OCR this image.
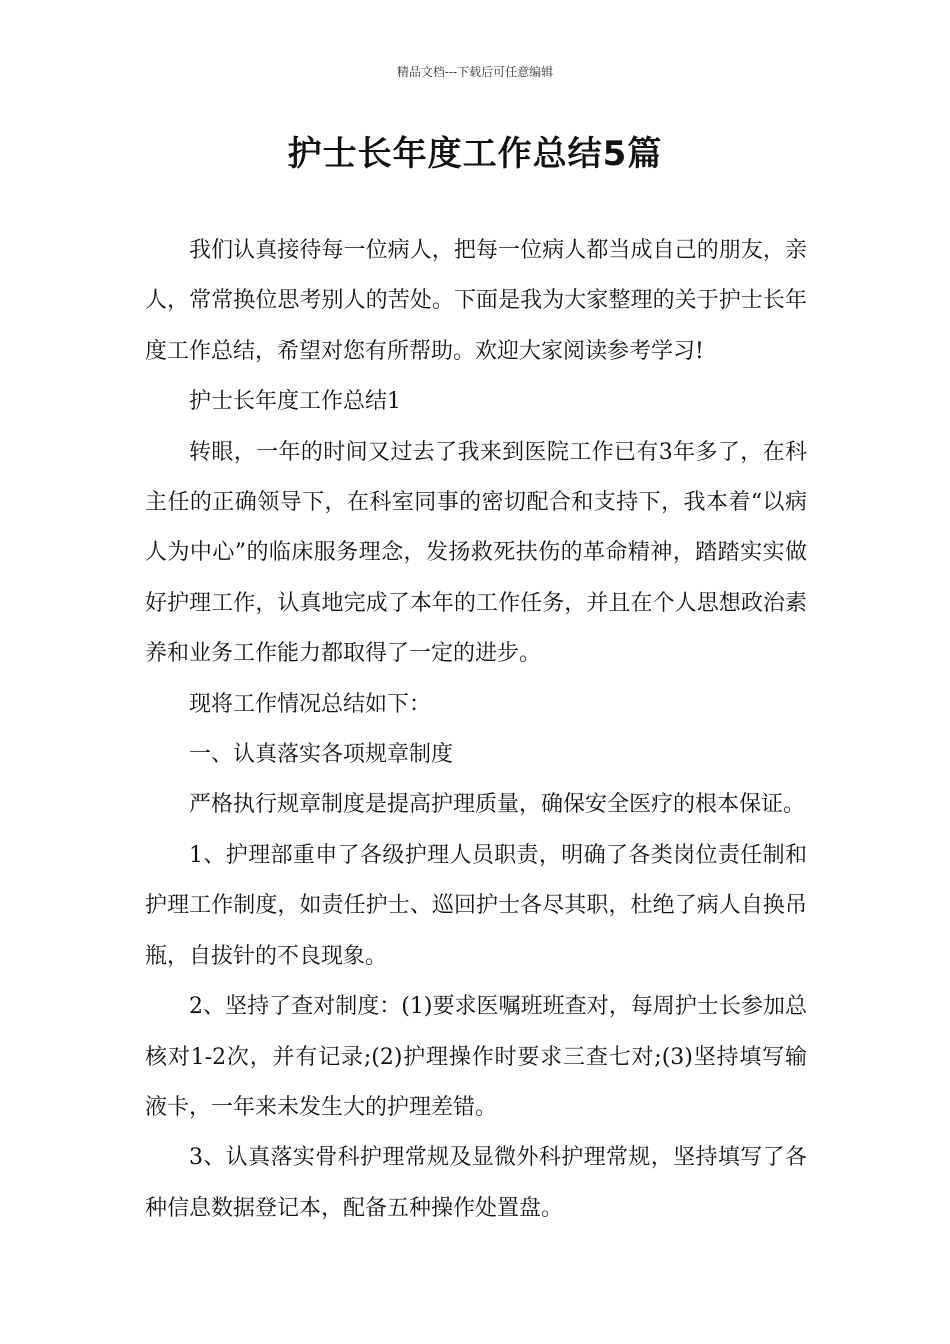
精品文档---下载后可任意编辑
护士长年度工作总结5篇

我们认真接待每一位病人，把每一位病人都当成自己的朋友，亲人，常常换位思考别人的苦处。下面是我为大家整理的关于护士长年度工作总结，希望对您有所帮助。欢迎大家阅读参考学习!

护士长年度工作总结1

转眼，一年的时间又过去了我来到医院工作已有3年多了，在科主任的正确领导下，在科室同事的密切配合和支持下，我本着“以病人为中心”的临床服务理念，发扬救死扶伤的革命精神，踏踏实实做好护理工作，认真地完成了本年的工作任务，并且在个人思想政治素养和业务工作能力都取得了一定的进步。

现将工作情况总结如下：

一、认真落实各项规章制度

严格执行规章制度是提高护理质量，确保安全医疗的根本保证。

1、护理部重申了各级护理人员职责，明确了各类岗位责任制和护理工作制度，如责任护士、巡回护士各尽其职，杜绝了病人自换吊瓶，自拔针的不良现象。

2、坚持了查对制度：(1)要求医嘱班班查对，每周护士长参加总核对1-2次，并有记录;(2)护理操作时要求三查七对;(3)坚持填写输液卡，一年来未发生大的护理差错。

3、认真落实骨科护理常规及显微外科护理常规，坚持填写了各种信息数据登记本，配备五种操作处置盘。
